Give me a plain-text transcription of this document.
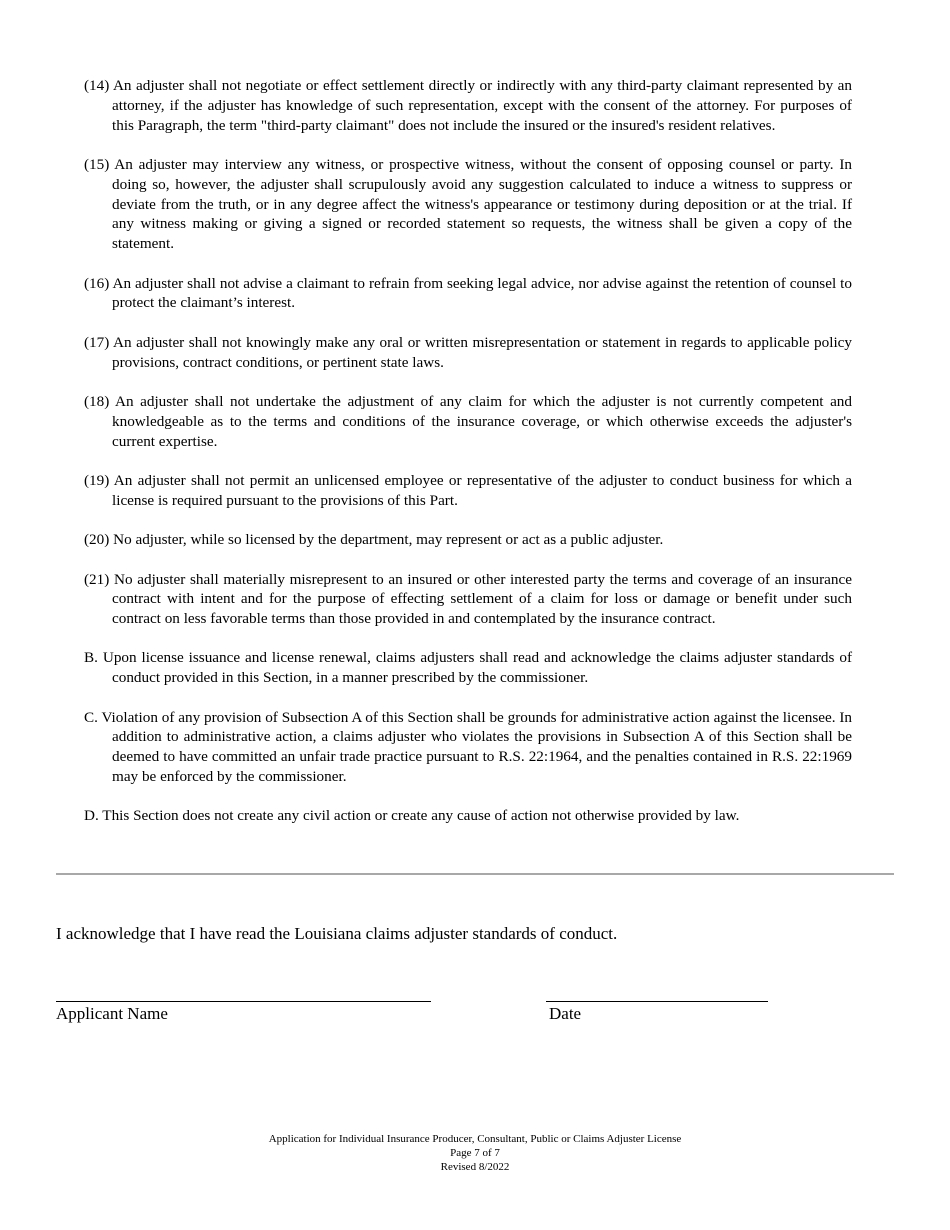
(14) An adjuster shall not negotiate or effect settlement directly or indirectly with any third-party claimant represented by an attorney, if the adjuster has knowledge of such representation, except with the consent of the attorney. For purposes of this Paragraph, the term "third-party claimant" does not include the insured or the insured's resident relatives.

(15) An adjuster may interview any witness, or prospective witness, without the consent of opposing counsel or party. In doing so, however, the adjuster shall scrupulously avoid any suggestion calculated to induce a witness to suppress or deviate from the truth, or in any degree affect the witness's appearance or testimony during deposition or at the trial. If any witness making or giving a signed or recorded statement so requests, the witness shall be given a copy of the statement.

(16) An adjuster shall not advise a claimant to refrain from seeking legal advice, nor advise against the retention of counsel to protect the claimant’s interest.

(17) An adjuster shall not knowingly make any oral or written misrepresentation or statement in regards to applicable policy provisions, contract conditions, or pertinent state laws.

(18) An adjuster shall not undertake the adjustment of any claim for which the adjuster is not currently competent and knowledgeable as to the terms and conditions of the insurance coverage, or which otherwise exceeds the adjuster's current expertise.

(19) An adjuster shall not permit an unlicensed employee or representative of the adjuster to conduct business for which a license is required pursuant to the provisions of this Part.

(20) No adjuster, while so licensed by the department, may represent or act as a public adjuster.

(21) No adjuster shall materially misrepresent to an insured or other interested party the terms and coverage of an insurance contract with intent and for the purpose of effecting settlement of a claim for loss or damage or benefit under such contract on less favorable terms than those provided in and contemplated by the insurance contract.

B. Upon license issuance and license renewal, claims adjusters shall read and acknowledge the claims adjuster standards of conduct provided in this Section, in a manner prescribed by the commissioner.

C. Violation of any provision of Subsection A of this Section shall be grounds for administrative action against the licensee. In addition to administrative action, a claims adjuster who violates the provisions in Subsection A of this Section shall be deemed to have committed an unfair trade practice pursuant to R.S. 22:1964, and the penalties contained in R.S. 22:1969 may be enforced by the commissioner.

D. This Section does not create any civil action or create any cause of action not otherwise provided by law.

I acknowledge that I have read the Louisiana claims adjuster standards of conduct.
Applicant Name	Date
Application for Individual Insurance Producer, Consultant, Public or Claims Adjuster License
Page 7 of 7
Revised 8/2022
